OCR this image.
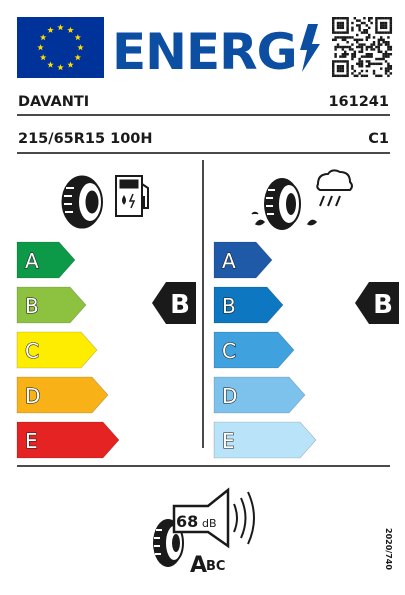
ENERG
DAVANTI	161241
215/65R15 100H	C1
A
B
C
D
E
A
B
C
D
E
B	B
68 dB
A
BC	2020/740
